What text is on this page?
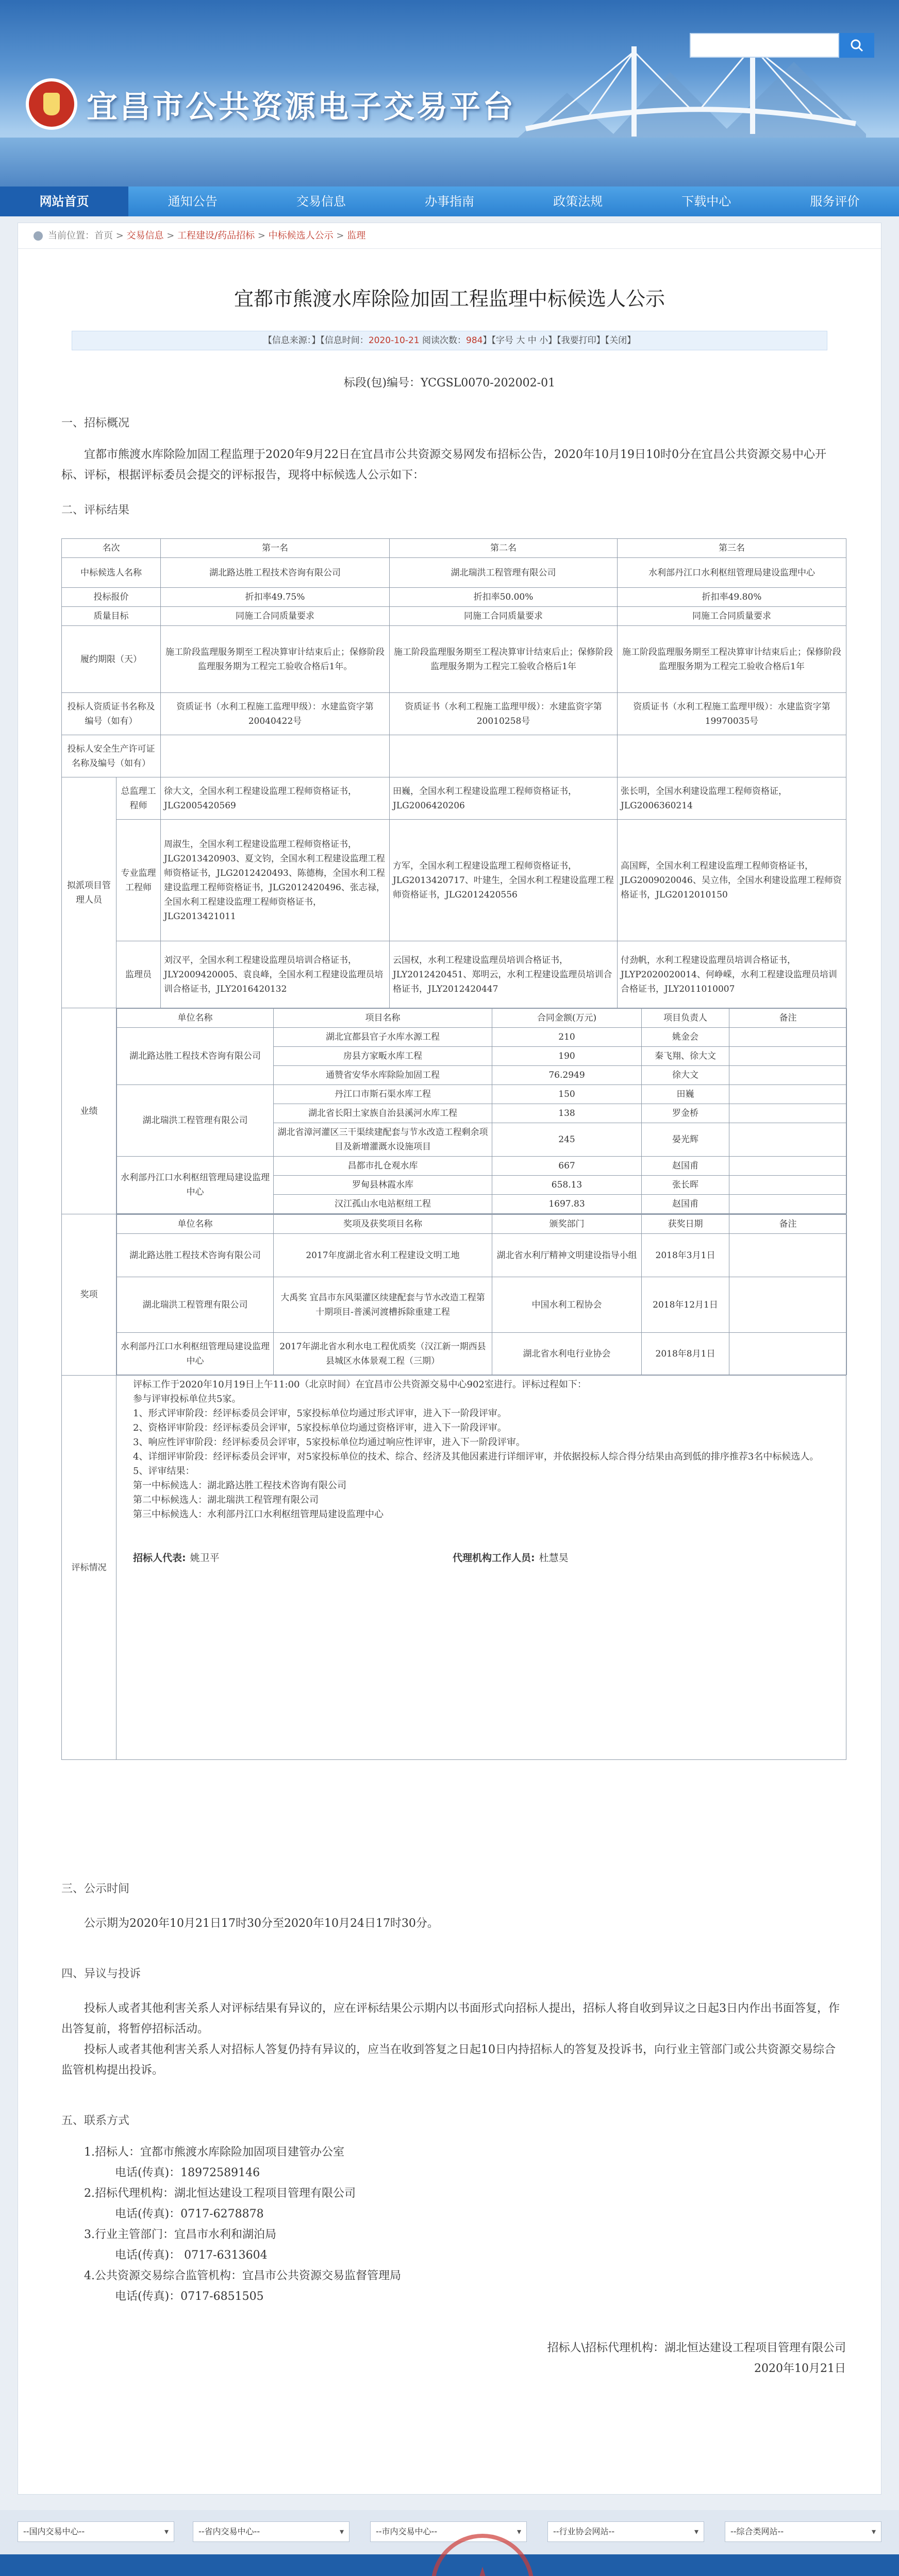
宜昌市公共资源电子交易平台
网站首页	通知公告	交易信息	办事指南	政策法规	下载中心	服务评价
当前位置：首页 > 交易信息 > 工程建设/药品招标 > 中标候选人公示 > 监理
宜都市熊渡水库除险加固工程监理中标候选人公示
【信息来源：】【信息时间：2020-10-21 阅读次数：984】【字号 大 中 小】【我要打印】【关闭】
标段(包)编号：YCGSL0070-202002-01
一、招标概况
宜都市熊渡水库除险加固工程监理于2020年9月22日在宜昌市公共资源交易网发布招标公告，2020年10月19日10时0分在宜昌公共资源交易中心开标、评标，根据评标委员会提交的评标报告，现将中标候选人公示如下：
二、评标结果
名次	第一名	第二名	第三名
中标候选人名称	湖北路达胜工程技术咨询有限公司	湖北瑞洪工程管理有限公司	水利部丹江口水利枢纽管理局建设监理中心
投标报价	折扣率49.75%	折扣率50.00%	折扣率49.80%
质量目标	同施工合同质量要求	同施工合同质量要求	同施工合同质量要求
履约期限（天）	施工阶段监理服务期至工程决算审计结束后止；保修阶段监理服务期为工程完工验收合格后1年。	施工阶段监理服务期至工程决算审计结束后止；保修阶段监理服务期为工程完工验收合格后1年	施工阶段监理服务期至工程决算审计结束后止；保修阶段监理服务期为工程完工验收合格后1年
投标人资质证书名称及编号（如有）	资质证书（水利工程施工监理甲级）：水建监资字第20040422号	资质证书（水利工程施工监理甲级）：水建监资字第20010258号	资质证书（水利工程施工监理甲级）：水建监资字第19970035号
投标人安全生产许可证名称及编号（如有）			
拟派项目管理人员	总监理工程师	徐大文，全国水利工程建设监理工程师资格证书，JLG2005420569	田巍，全国水利工程建设监理工程师资格证书，JLG2006420206	张长明，全国水利建设监理工程师资格证，JLG2006360214
专业监理工程师	周淑生，全国水利工程建设监理工程师资格证书，JLG2013420903、夏文钧，全国水利工程建设监理工程师资格证书，JLG2012420493、陈德梅，全国水利工程建设监理工程师资格证书，JLG2012420496、张志禄，全国水利工程建设监理工程师资格证书，JLG2013421011	方军，全国水利工程建设监理工程师资格证书，JLG2013420717、叶建生，全国水利工程建设监理工程师资格证书，JLG2012420556	高国辉，全国水利工程建设监理工程师资格证书，JLG2009020046、吴立伟，全国水利建设监理工程师资格证书，JLG2012010150
监理员	刘汉平，全国水利工程建设监理员培训合格证书，JLY2009420005、袁良峰，全国水利工程建设监理员培训合格证书，JLY2016420132	云国权，水利工程建设监理员培训合格证书，JLY2012420451、郑明云，水利工程建设监理员培训合格证书，JLY2012420447	付劲帆，水利工程建设监理员培训合格证书，JLYP2020020014、何峥嵘，水利工程建设监理员培训合格证书，JLY2011010007
业绩	
单位名称	项目名称	合同金额(万元)	项目负责人	备注
湖北路达胜工程技术咨询有限公司	湖北宜都县官子水库水源工程	210	姚金会	
房县方家畈水库工程	190	秦飞翔、徐大文	
通赞省安华水库除险加固工程	76.2949	徐大文	
湖北瑞洪工程管理有限公司	丹江口市斯石渠水库工程	150	田巍	
湖北省长阳土家族自治县溪河水库工程	138	罗金桥	
湖北省漳河灌区三干渠续建配套与节水改造工程剩余项目及新增灌溉水设施项目	245	晏光辉	
水利部丹江口水利枢纽管理局建设监理中心	昌都市扎仓观水库	667	赵国甫	
罗甸县林霞水库	658.13	张长晖	
汉江孤山水电站枢纽工程	1697.83	赵国甫	

奖项	
单位名称	奖项及获奖项目名称	颁奖部门	获奖日期	备注
湖北路达胜工程技术咨询有限公司	2017年度湖北省水利工程建设文明工地	湖北省水利厅精神文明建设指导小组	2018年3月1日	
湖北瑞洪工程管理有限公司	大禹奖 宜昌市东风渠灌区续建配套与节水改造工程第十期项目-普溪河渡槽拆除重建工程	中国水利工程协会	2018年12月1日	
水利部丹江口水利枢纽管理局建设监理中心	2017年湖北省水利水电工程优质奖（汉江新一期西县县城区水体景观工程（三期）	湖北省水利电行业协会	2018年8月1日	

评标情况	
评标工作于2020年10月19日上午11:00（北京时间）在宜昌市公共资源交易中心902室进行。评标过程如下：
参与评审投标单位共5家。
1、形式评审阶段：经评标委员会评审，5家投标单位均通过形式评审，进入下一阶段评审。
2、资格评审阶段：经评标委员会评审，5家投标单位均通过资格评审，进入下一阶段评审。
3、响应性评审阶段：经评标委员会评审，5家投标单位均通过响应性评审，进入下一阶段评审。
4、详细评审阶段：经评标委员会评审，对5家投标单位的技术、综合、经济及其他因素进行详细评审，并依据投标人综合得分结果由高到低的排序推荐3名中标候选人。
5、评审结果：
第一中标候选人：湖北路达胜工程技术咨询有限公司
第二中标候选人：湖北瑞洪工程管理有限公司
第三中标候选人：水利部丹江口水利枢纽管理局建设监理中心
招标人代表: 姚卫平	代理机构工作人员: 杜慧昊
三、公示时间
公示期为2020年10月21日17时30分至2020年10月24日17时30分。
四、异议与投诉
投标人或者其他利害关系人对评标结果有异议的，应在评标结果公示期内以书面形式向招标人提出，招标人将自收到异议之日起3日内作出书面答复，作出答复前，将暂停招标活动。
投标人或者其他利害关系人对招标人答复仍持有异议的，应当在收到答复之日起10日内持招标人的答复及投诉书，向行业主管部门或公共资源交易综合监管机构提出投诉。
五、联系方式
1.招标人：宜都市熊渡水库除险加固项目建管办公室
电话(传真)：18972589146
2.招标代理机构：湖北恒达建设工程项目管理有限公司
电话(传真)：0717-6278878
3.行业主管部门：宜昌市水利和湖泊局
电话(传真)： 0717-6313604
4.公共资源交易综合监管机构：宜昌市公共资源交易监督管理局
电话(传真)：0717-6851505
招标人\招标代理机构：湖北恒达建设工程项目管理有限公司
2020年10月21日
--国内交易中心-- ▾	--省内交易中心-- ▾	--市内交易中心-- ▾	--行业协会网站-- ▾	--综合类网站-- ▾
